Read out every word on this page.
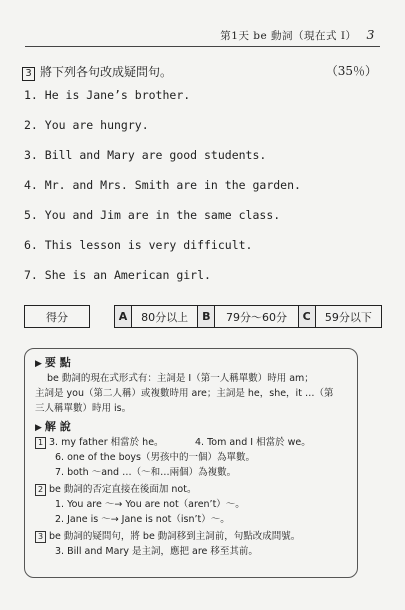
第1天 be 動詞（現在式 I） 3
3 將下列各句改成疑問句。	（35％）
1. He is Jane’s brother.
2. You are hungry.
3. Bill and Mary are good students.
4. Mr. and Mrs. Smith are in the garden.
5. You and Jim are in the same class.
6. This lesson is very difficult.
7. She is an American girl.
得分		A	80分以上	B	79分～60分	C	59分以下
▶ 要 點
be 動詞的現在式形式有：主詞是 I（第一人稱單數）時用 am；
主詞是 you（第二人稱）或複數時用 are；主詞是 he，she，it …（第
三人稱單數）時用 is。
▶ 解 說
1 3. my father 相當於 he。	4. Tom and I 相當於 we。
6. one of the boys（男孩中的一個）為單數。
7. both ～and …（～和…兩個）為複數。
2 be 動詞的否定直接在後面加 not。
1. You are ～→ You are not（aren’t）～。
2. Jane is ～→ Jane is not（isn’t）～。
3 be 動詞的疑問句，將 be 動詞移到主詞前，句點改成問號。
3. Bill and Mary 是主詞，應把 are 移至其前。
